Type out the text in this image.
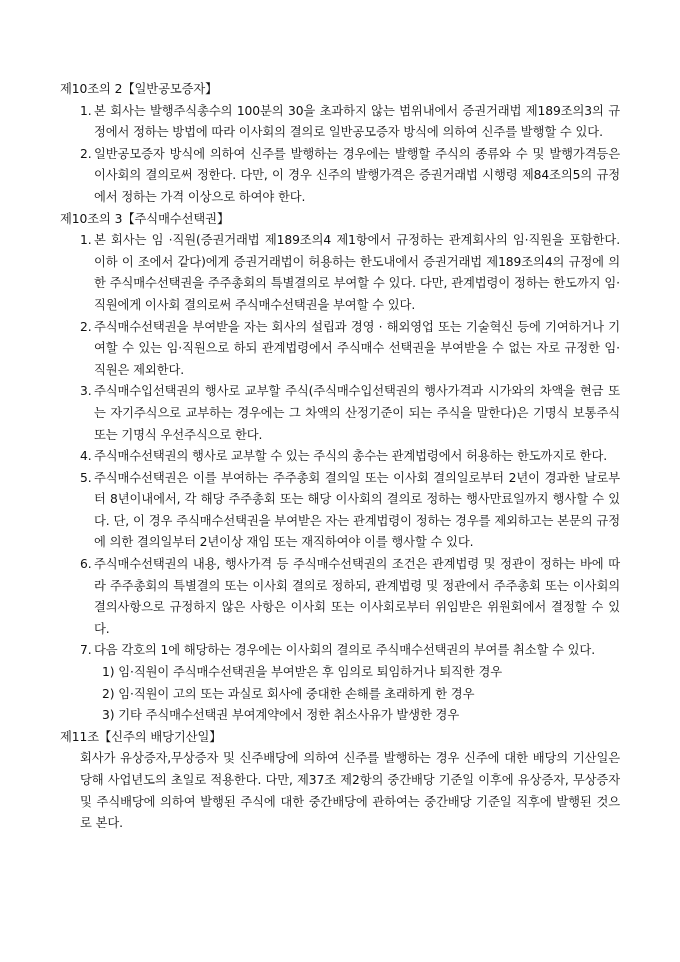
제10조의 2【일반공모증자】

1. 본 회사는 발행주식총수의 100분의 30을 초과하지 않는 범위내에서 증권거래법 제189조의3의 규정에서 정하는 방법에 따라 이사회의 결의로 일반공모증자 방식에 의하여 신주를 발행할 수 있다.
2. 일반공모증자 방식에 의하여 신주를 발행하는 경우에는 발행할 주식의 종류와 수 및 발행가격등은 이사회의 결의로써 정한다. 다만, 이 경우 신주의 발행가격은 증권거래법 시행령 제84조의5의 규정에서 정하는 가격 이상으로 하여야 한다.

제10조의 3【주식매수선택권】

1. 본 회사는 임 ·직원(증권거래법 제189조의4 제1항에서 규정하는 관계회사의 임·직원을 포함한다. 이하 이 조에서 같다)에게 증권거래법이 허용하는 한도내에서 증권거래법 제189조의4의 규정에 의한 주식매수선택권을 주주총회의 특별결의로 부여할 수 있다. 다만, 관계법령이 정하는 한도까지 임·직원에게 이사회 결의로써 주식매수선택권을 부여할 수 있다.
2. 주식매수선택권을 부여받을 자는 회사의 설립과 경영 · 해외영업 또는 기술혁신 등에 기여하거나 기여할 수 있는 임·직원으로 하되 관계법령에서 주식매수 선택권을 부여받을 수 없는 자로 규정한 임·직원은 제외한다.
3. 주식매수입선택권의 행사로 교부할 주식(주식매수입선택권의 행사가격과 시가와의 차액을 현금 또는 자기주식으로 교부하는 경우에는 그 차액의 산정기준이 되는 주식을 말한다)은 기명식 보통주식 또는 기명식 우선주식으로 한다.
4. 주식매수선택권의 행사로 교부할 수 있는 주식의 총수는 관계법령에서 허용하는 한도까지로 한다.
5. 주식매수선택권은 이를 부여하는 주주총회 결의일 또는 이사회 결의일로부터 2년이 경과한 날로부터 8년이내에서, 각 해당 주주총회 또는 해당 이사회의 결의로 정하는 행사만료일까지 행사할 수 있다. 단, 이 경우 주식매수선택권을 부여받은 자는 관계법령이 정하는 경우를 제외하고는 본문의 규정에 의한 결의일부터 2년이상 재임 또는 재직하여야 이를 행사할 수 있다.
6. 주식매수선택권의 내용, 행사가격 등 주식매수선택권의 조건은 관계법령 및 정관이 정하는 바에 따라 주주총회의 특별결의 또는 이사회 결의로 정하되, 관계법령 및 정관에서 주주총회 또는 이사회의 결의사항으로 규정하지 않은 사항은 이사회 또는 이사회로부터 위임받은 위원회에서 결정할 수 있다.
7. 다음 각호의 1에 해당하는 경우에는 이사회의 결의로 주식매수선택권의 부여를 취소할 수 있다.

1) 임·직원이 주식매수선택권을 부여받은 후 임의로 퇴임하거나 퇴직한 경우

2) 임·직원이 고의 또는 과실로 회사에 중대한 손해를 초래하게 한 경우

3) 기타 주식매수선택권 부여계약에서 정한 취소사유가 발생한 경우

제11조【신주의 배당기산일】

회사가 유상증자,무상증자 및 신주배당에 의하여 신주를 발행하는 경우 신주에 대한 배당의 기산일은 당해 사업년도의 초일로 적용한다. 다만, 제37조 제2항의 중간배당 기준일 이후에 유상증자, 무상증자 및 주식배당에 의하여 발행된 주식에 대한 중간배당에 관하여는 중간배당 기준일 직후에 발행된 것으로 본다.
